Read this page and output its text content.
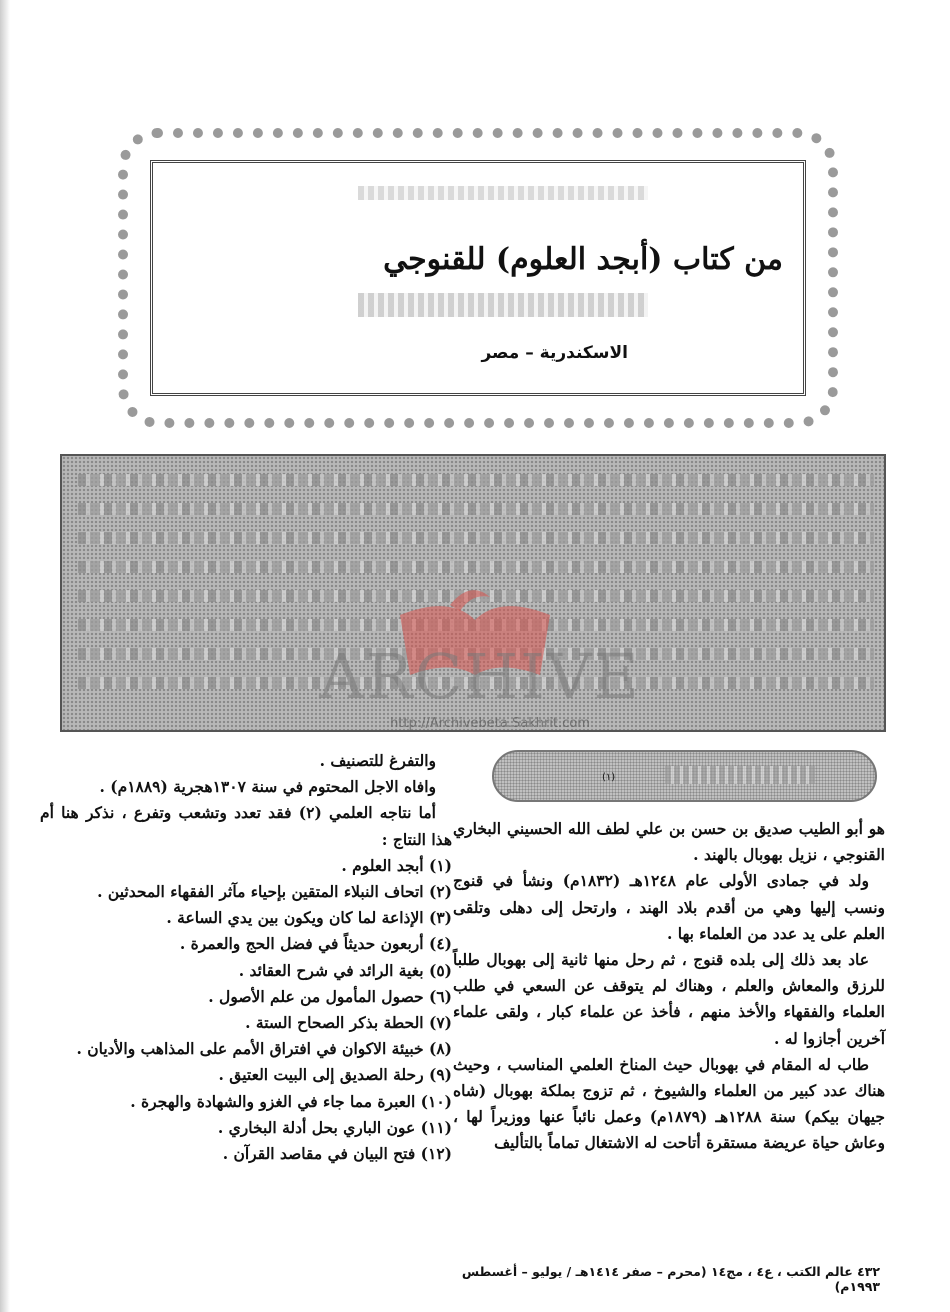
من كتاب (أبجد العلوم) للقنوجي
الاسكندرية – مصر
ARCHIVE
http://Archivebeta.Sakhrit.com
(١)

هو أبو الطيب صديق بن حسن بن علي لطف الله الحسيني البخاري القنوجي ، نزيل بهوبال بالهند .

ولد في جمادى الأولى عام ١٢٤٨هـ (١٨٣٢م) ونشأ في قنوج ونسب إليها وهي من أقدم بلاد الهند ، وارتحل إلى دهلى وتلقى العلم على يد عدد من العلماء بها .

عاد بعد ذلك إلى بلده قنوج ، ثم رحل منها ثانية إلى بهوبال طلباً للرزق والمعاش والعلم ، وهناك لم يتوقف عن السعي في طلب العلماء والفقهاء والأخذ منهم ، فأخذ عن علماء كبار ، ولقى علماء آخرين أجازوا له .

طاب له المقام في بهوبال حيث المناخ العلمي المناسب ، وحيث هناك عدد كبير من العلماء والشيوخ ، ثم تزوج بملكة بهوبال (شاه جيهان بيكم) سنة ١٢٨٨هـ (١٨٧٩م) وعمل نائباً عنها ووزيراً لها ، وعاش حياة عريضة مستقرة أتاحت له الاشتغال تماماً بالتأليف

والتفرغ للتصنيف .

وافاه الاجل المحتوم في سنة ١٣٠٧هجرية (١٨٨٩م) .

أما نتاجه العلمي (٢) فقد تعدد وتشعب وتفرع ، نذكر هنا أم هذا النتاج :

(١) أبجد العلوم .
(٢) اتحاف النبلاء المتقين بإحياء مآثر الفقهاء المحدثين .
(٣) الإذاعة لما كان ويكون بين يدي الساعة .
(٤) أربعون حديثاً في فضل الحج والعمرة .
(٥) بغية الرائد في شرح العقائد .
(٦) حصول المأمول من علم الأصول .
(٧) الحطة بذكر الصحاح الستة .
(٨) خبيئة الاكوان في افتراق الأمم على المذاهب والأديان .
(٩) رحلة الصديق إلى البيت العتيق .
(١٠) العبرة مما جاء في الغزو والشهادة والهجرة .
(١١) عون الباري بحل أدلة البخاري .
(١٢) فتح البيان في مقاصد القرآن .
٤٣٢ عالم الكتب ، ع٤ ، مج١٤ (محرم – صفر ١٤١٤هـ / يوليو – أغسطس ١٩٩٣م)
